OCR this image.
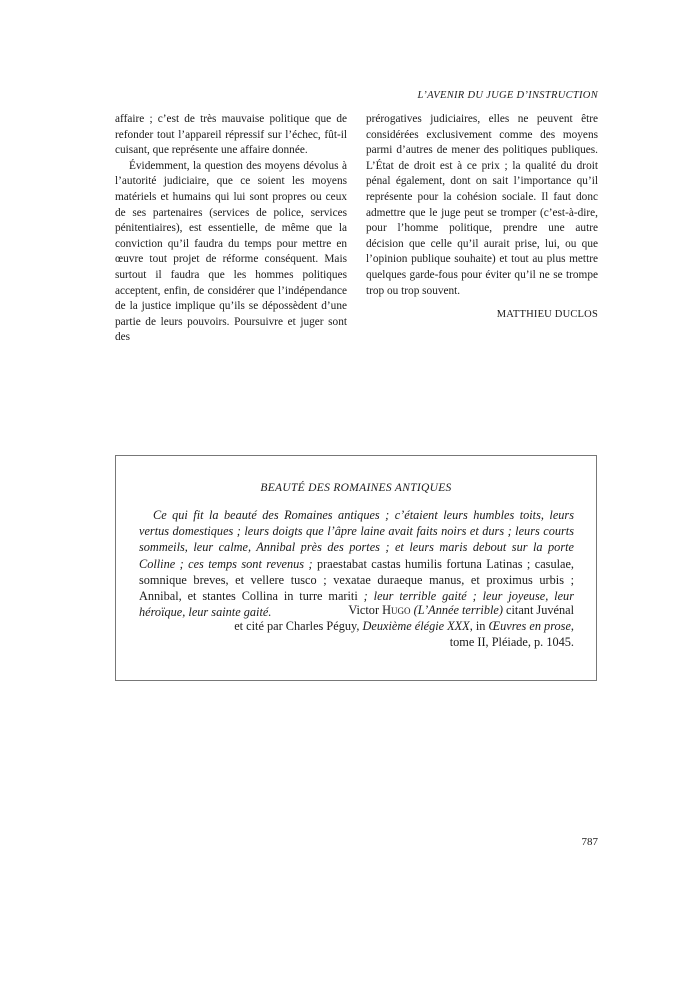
L’AVENIR DU JUGE D’INSTRUCTION

affaire ; c’est de très mauvaise politique que de refonder tout l’appareil répressif sur l’échec, fût-il cuisant, que représente une affaire donnée.

Évidemment, la question des moyens dévolus à l’autorité judiciaire, que ce soient les moyens matériels et humains qui lui sont propres ou ceux de ses partenaires (services de police, services pénitentiaires), est essentielle, de même que la conviction qu’il faudra du temps pour mettre en œuvre tout projet de réforme conséquent. Mais surtout il faudra que les hommes politiques acceptent, enfin, de considérer que l’indépendance de la justice implique qu’ils se dépossèdent d’une partie de leurs pouvoirs. Poursuivre et juger sont des

prérogatives judiciaires, elles ne peuvent être considérées exclusivement comme des moyens parmi d’autres de mener des politiques publiques. L’État de droit est à ce prix ; la qualité du droit pénal également, dont on sait l’importance qu’il représente pour la cohésion sociale. Il faut donc admettre que le juge peut se tromper (c’est-à-dire, pour l’homme politique, prendre une autre décision que celle qu’il aurait prise, lui, ou que l’opinion publique souhaite) et tout au plus mettre quelques garde-fous pour éviter qu’il ne se trompe trop ou trop souvent.

MATTHIEU DUCLOS
BEAUTÉ DES ROMAINES ANTIQUES

Ce qui fit la beauté des Romaines antiques ; c’étaient leurs humbles toits, leurs vertus domestiques ; leurs doigts que l’âpre laine avait faits noirs et durs ; leurs courts sommeils, leur calme, Annibal près des portes ; et leurs maris debout sur la porte Colline ; ces temps sont revenus ; praestabat castas humilis fortuna Latinas ; casulae, somnique breves, et vellere tusco ; vexatae duraeque manus, et proximus urbis ; Annibal, et stantes Collina in turre mariti ; leur terrible gaité ; leur joyeuse, leur héroïque, leur sainte gaité.	Victor Hugo (L’Année terrible) citant Juvénal
et cité par Charles Péguy, Deuxième élégie XXX, in Œuvres en prose,
tome II, Pléiade, p. 1045.
787
